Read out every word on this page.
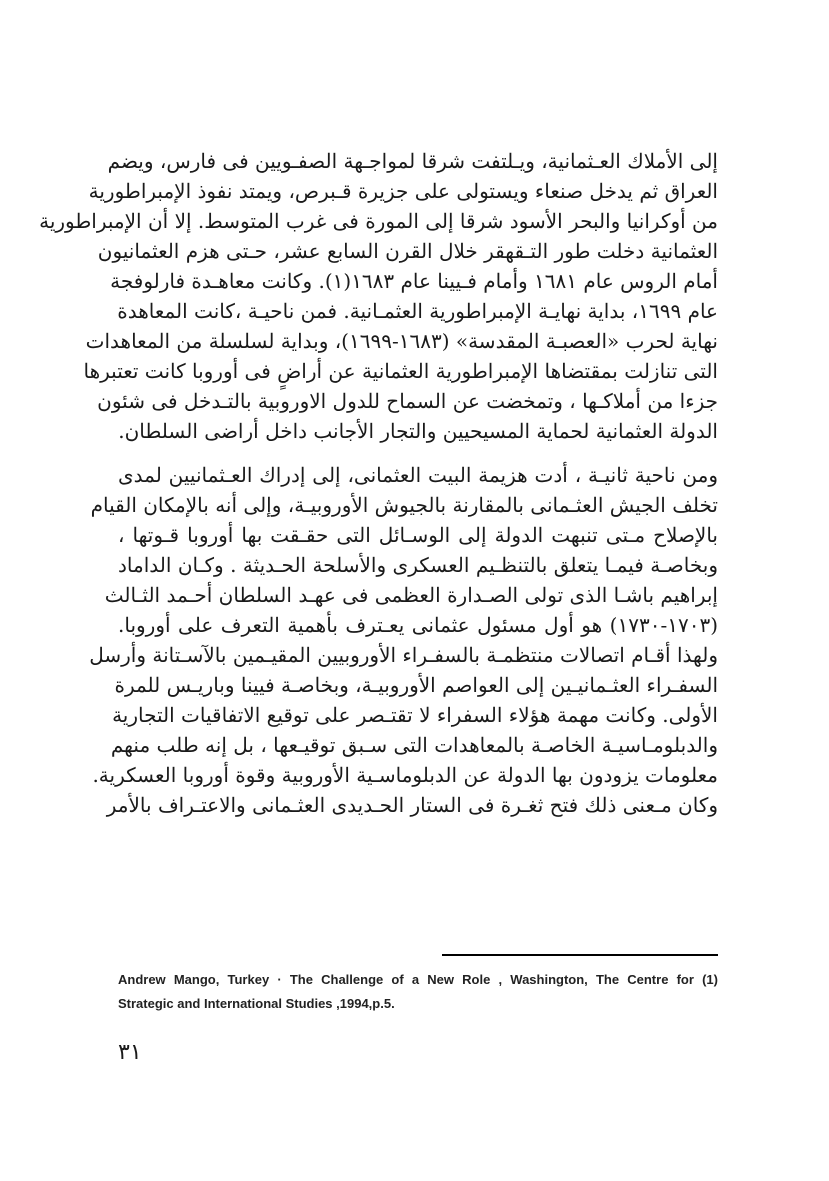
إلى الأملاك العـثمانية، ويـلتفت شرقا لمواجـهة الصفـويين فى فارس، ويضم
العراق ثم يدخل صنعاء ويستولى على جزيرة قـبرص، ويمتد نفوذ الإمبراطورية
من أوكرانيا والبحر الأسود شرقا إلى المورة فى غرب المتوسط. إلا أن الإمبراطورية
العثمانية دخلت طور التـقهقر خلال القرن السابع عشر، حـتى هزم العثمانيون
أمام الروس عام ١٦٨١ وأمام فـيينا عام ١٦٨٣(١). وكانت معاهـدة فارلوفجة
عام ١٦٩٩، بداية نهايـة الإمبراطورية العثمـانية. فمن ناحيـة ،كانت المعاهدة
نهاية لحرب «العصبـة المقدسة» (١٦٨٣-١٦٩٩)، وبداية لسلسلة من المعاهدات
التى تنازلت بمقتضاها الإمبراطورية العثمانية عن أراضٍ فى أوروبا كانت تعتبرها
جزءا من أملاكـها ، وتمخضت عن السماح للدول الاوروبية بالتـدخل فى شئون
الدولة العثمانية لحماية المسيحيين والتجار الأجانب داخل أراضى السلطان.
ومن ناحية ثانيـة ، أدت هزيمة البيت العثمانى، إلى إدراك العـثمانيين لمدى
تخلف الجيش العثـمانى بالمقارنة بالجيوش الأوروبيـة، وإلى أنه بالإمكان القيام
بالإصلاح مـتى تنبهت الدولة إلى الوسـائل التى حقـقت بها أوروبا قـوتها ،
وبخاصـة فيمـا يتعلق بالتنظـيم العسكرى والأسلحة الحـديثة . وكـان الداماد
إبراهيم باشـا الذى تولى الصـدارة العظمى فى عهـد السلطان أحـمد الثـالث
(١٧٠٣-١٧٣٠) هو أول مسئول عثمانى يعـترف بأهمية التعرف على أوروبا.
ولهذا أقـام اتصالات منتظمـة بالسفـراء الأوروبيين المقيـمين بالآسـتانة وأرسل
السفـراء العثـمانيـين إلى العواصم الأوروبيـة، وبخاصـة فيينا وباريـس للمرة
الأولى. وكانت مهمة هؤلاء السفراء لا تقتـصر على توقيع الاتفاقيات التجارية
والدبلومـاسيـة الخاصـة بالمعاهدات التى سـبق توقيـعها ، بل إنه طلب منهم
معلومات يزودون بها الدولة عن الدبلوماسـية الأوروبية وقوة أوروبا العسكرية.
وكان مـعنى ذلك فتح ثغـرة فى الستار الحـديدى العثـمانى والاعتـراف بالأمر
Andrew Mango, Turkey · The Challenge of a New Role , Washington, The Centre for (1)
Strategic and International Studies ,1994,p.5.
٣١
